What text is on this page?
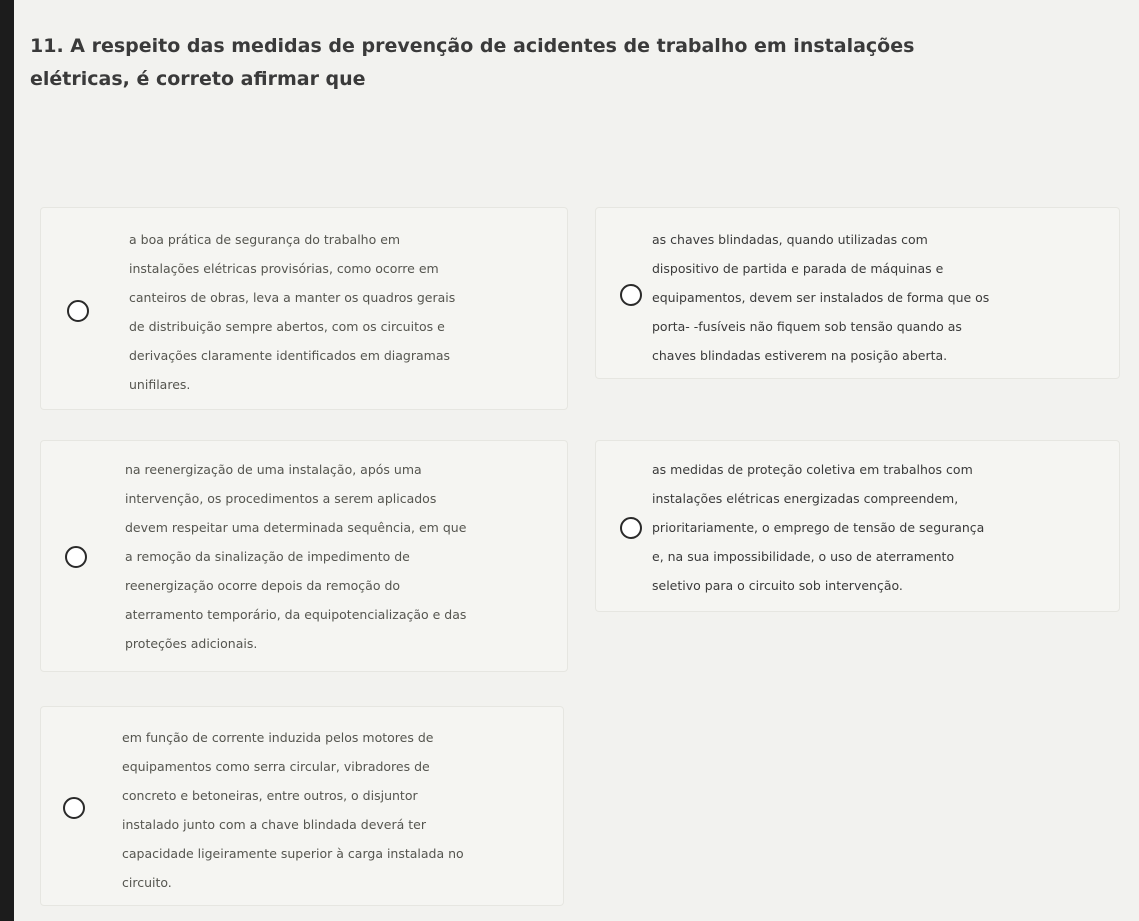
11. A respeito das medidas de prevenção de acidentes de trabalho em instalações
elétricas, é correto afirmar que
a boa prática de segurança do trabalho em
instalações elétricas provisórias, como ocorre em
canteiros de obras, leva a manter os quadros gerais
de distribuição sempre abertos, com os circuitos e
derivações claramente identificados em diagramas
unifilares.
as chaves blindadas, quando utilizadas com
dispositivo de partida e parada de máquinas e
equipamentos, devem ser instalados de forma que os
porta- -fusíveis não fiquem sob tensão quando as
chaves blindadas estiverem na posição aberta.
na reenergização de uma instalação, após uma
intervenção, os procedimentos a serem aplicados
devem respeitar uma determinada sequência, em que
a remoção da sinalização de impedimento de
reenergização ocorre depois da remoção do
aterramento temporário, da equipotencialização e das
proteções adicionais.
as medidas de proteção coletiva em trabalhos com
instalações elétricas energizadas compreendem,
prioritariamente, o emprego de tensão de segurança
e, na sua impossibilidade, o uso de aterramento
seletivo para o circuito sob intervenção.
em função de corrente induzida pelos motores de
equipamentos como serra circular, vibradores de
concreto e betoneiras, entre outros, o disjuntor
instalado junto com a chave blindada deverá ter
capacidade ligeiramente superior à carga instalada no
circuito.
